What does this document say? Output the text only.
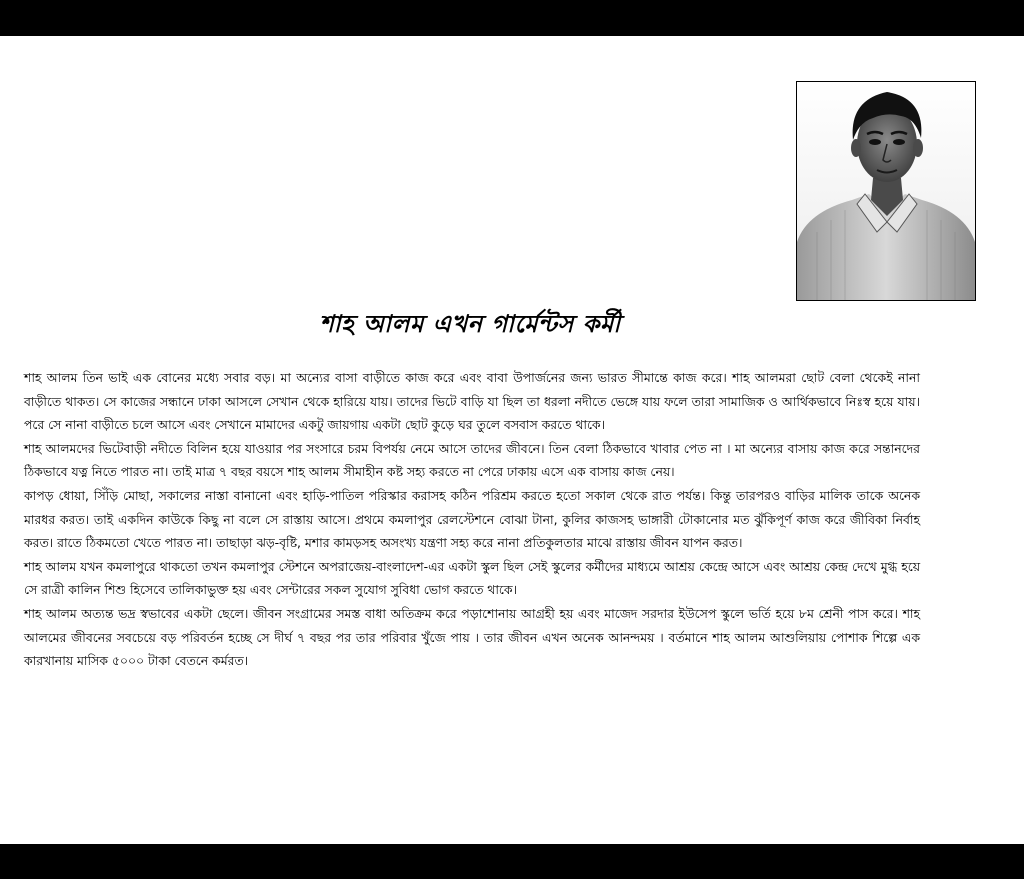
শাহ আলম এখন গার্মেন্টস কর্মী

শাহ আলম তিন ভাই এক বোনের মধ্যে সবার বড়। মা অন্যের বাসা বাড়ীতে কাজ করে এবং বাবা উপার্জনের জন্য ভারত সীমান্তে কাজ করে। শাহ আলমরা ছোট বেলা থেকেই নানা বাড়ীতে থাকত। সে কাজের সন্ধানে ঢাকা আসলে সেখান থেকে হারিয়ে যায়। তাদের ভিটে বাড়ি যা ছিল তা ধরলা নদীতে ভেঙ্গে যায় ফলে তারা সামাজিক ও আর্থিকভাবে নিঃস্ব হয়ে যায়। পরে সে নানা বাড়ীতে চলে আসে এবং সেখানে মামাদের একটু জায়গায় একটা ছোট কুড়ে ঘর তুলে বসবাস করতে থাকে।

শাহ আলমদের ভিটেবাড়ী নদীতে বিলিন হয়ে যাওয়ার পর সংসারে চরম বিপর্যয় নেমে আসে তাদের জীবনে। তিন বেলা ঠিকভাবে খাবার পেত না । মা অন্যের বাসায় কাজ করে সন্তানদের ঠিকভাবে যত্ন নিতে পারত না। তাই মাত্র ৭ বছর বয়সে শাহ আলম সীমাহীন কষ্ট সহ্য করতে না পেরে ঢাকায় এসে এক বাসায় কাজ নেয়।

কাপড় ধোয়া, সিঁড়ি মোছা, সকালের নাস্তা বানানো এবং হাড়ি-পাতিল পরিস্কার করাসহ কঠিন পরিশ্রম করতে হতো সকাল থেকে রাত পর্যন্ত। কিন্তু তারপরও বাড়ির মালিক তাকে অনেক মারধর করত। তাই একদিন কাউকে কিছু না বলে সে রাস্তায় আসে। প্রথমে কমলাপুর রেলস্টেশনে বোঝা টানা, কুলির কাজসহ ভাঙ্গারী টোকানোর মত ঝুঁকিপূর্ণ কাজ করে জীবিকা নির্বাহ করত। রাতে ঠিকমতো খেতে পারত না। তাছাড়া ঝড়-বৃষ্টি, মশার কামড়সহ অসংখ্য যন্ত্রণা সহ্য করে নানা প্রতিকুলতার মাঝে রাস্তায় জীবন যাপন করত।

শাহ আলম যখন কমলাপুরে থাকতো তখন কমলাপুর স্টেশনে অপরাজেয়-বাংলাদেশ-এর একটা স্কুল ছিল সেই স্কুলের কর্মীদের মাধ্যমে আশ্রয় কেন্দ্রে আসে এবং আশ্রয় কেন্দ্র দেখে মুগ্ধ হয়ে সে রাত্রী কালিন শিশু হিসেবে তালিকাভুক্ত হয় এবং সেন্টারের সকল সুযোগ সুবিধা ভোগ করতে থাকে।

শাহ আলম অত্যন্ত ভদ্র স্বভাবের একটা ছেলে। জীবন সংগ্রামের সমস্ত বাধা অতিক্রম করে পড়াশোনায় আগ্রহী হয় এবং মাজেদ সরদার ইউসেপ স্কুলে ভর্তি হয়ে ৮ম শ্রেনী পাস করে। শাহ আলমের জীবনের সবচেয়ে বড় পরিবর্তন হচ্ছে সে দীর্ঘ ৭ বছর পর তার পরিবার খুঁজে পায় । তার জীবন এখন অনেক আনন্দময় । বর্তমানে শাহ আলম আশুলিয়ায় পোশাক শিল্পে এক কারখানায় মাসিক ৫০০০ টাকা বেতনে কর্মরত।
